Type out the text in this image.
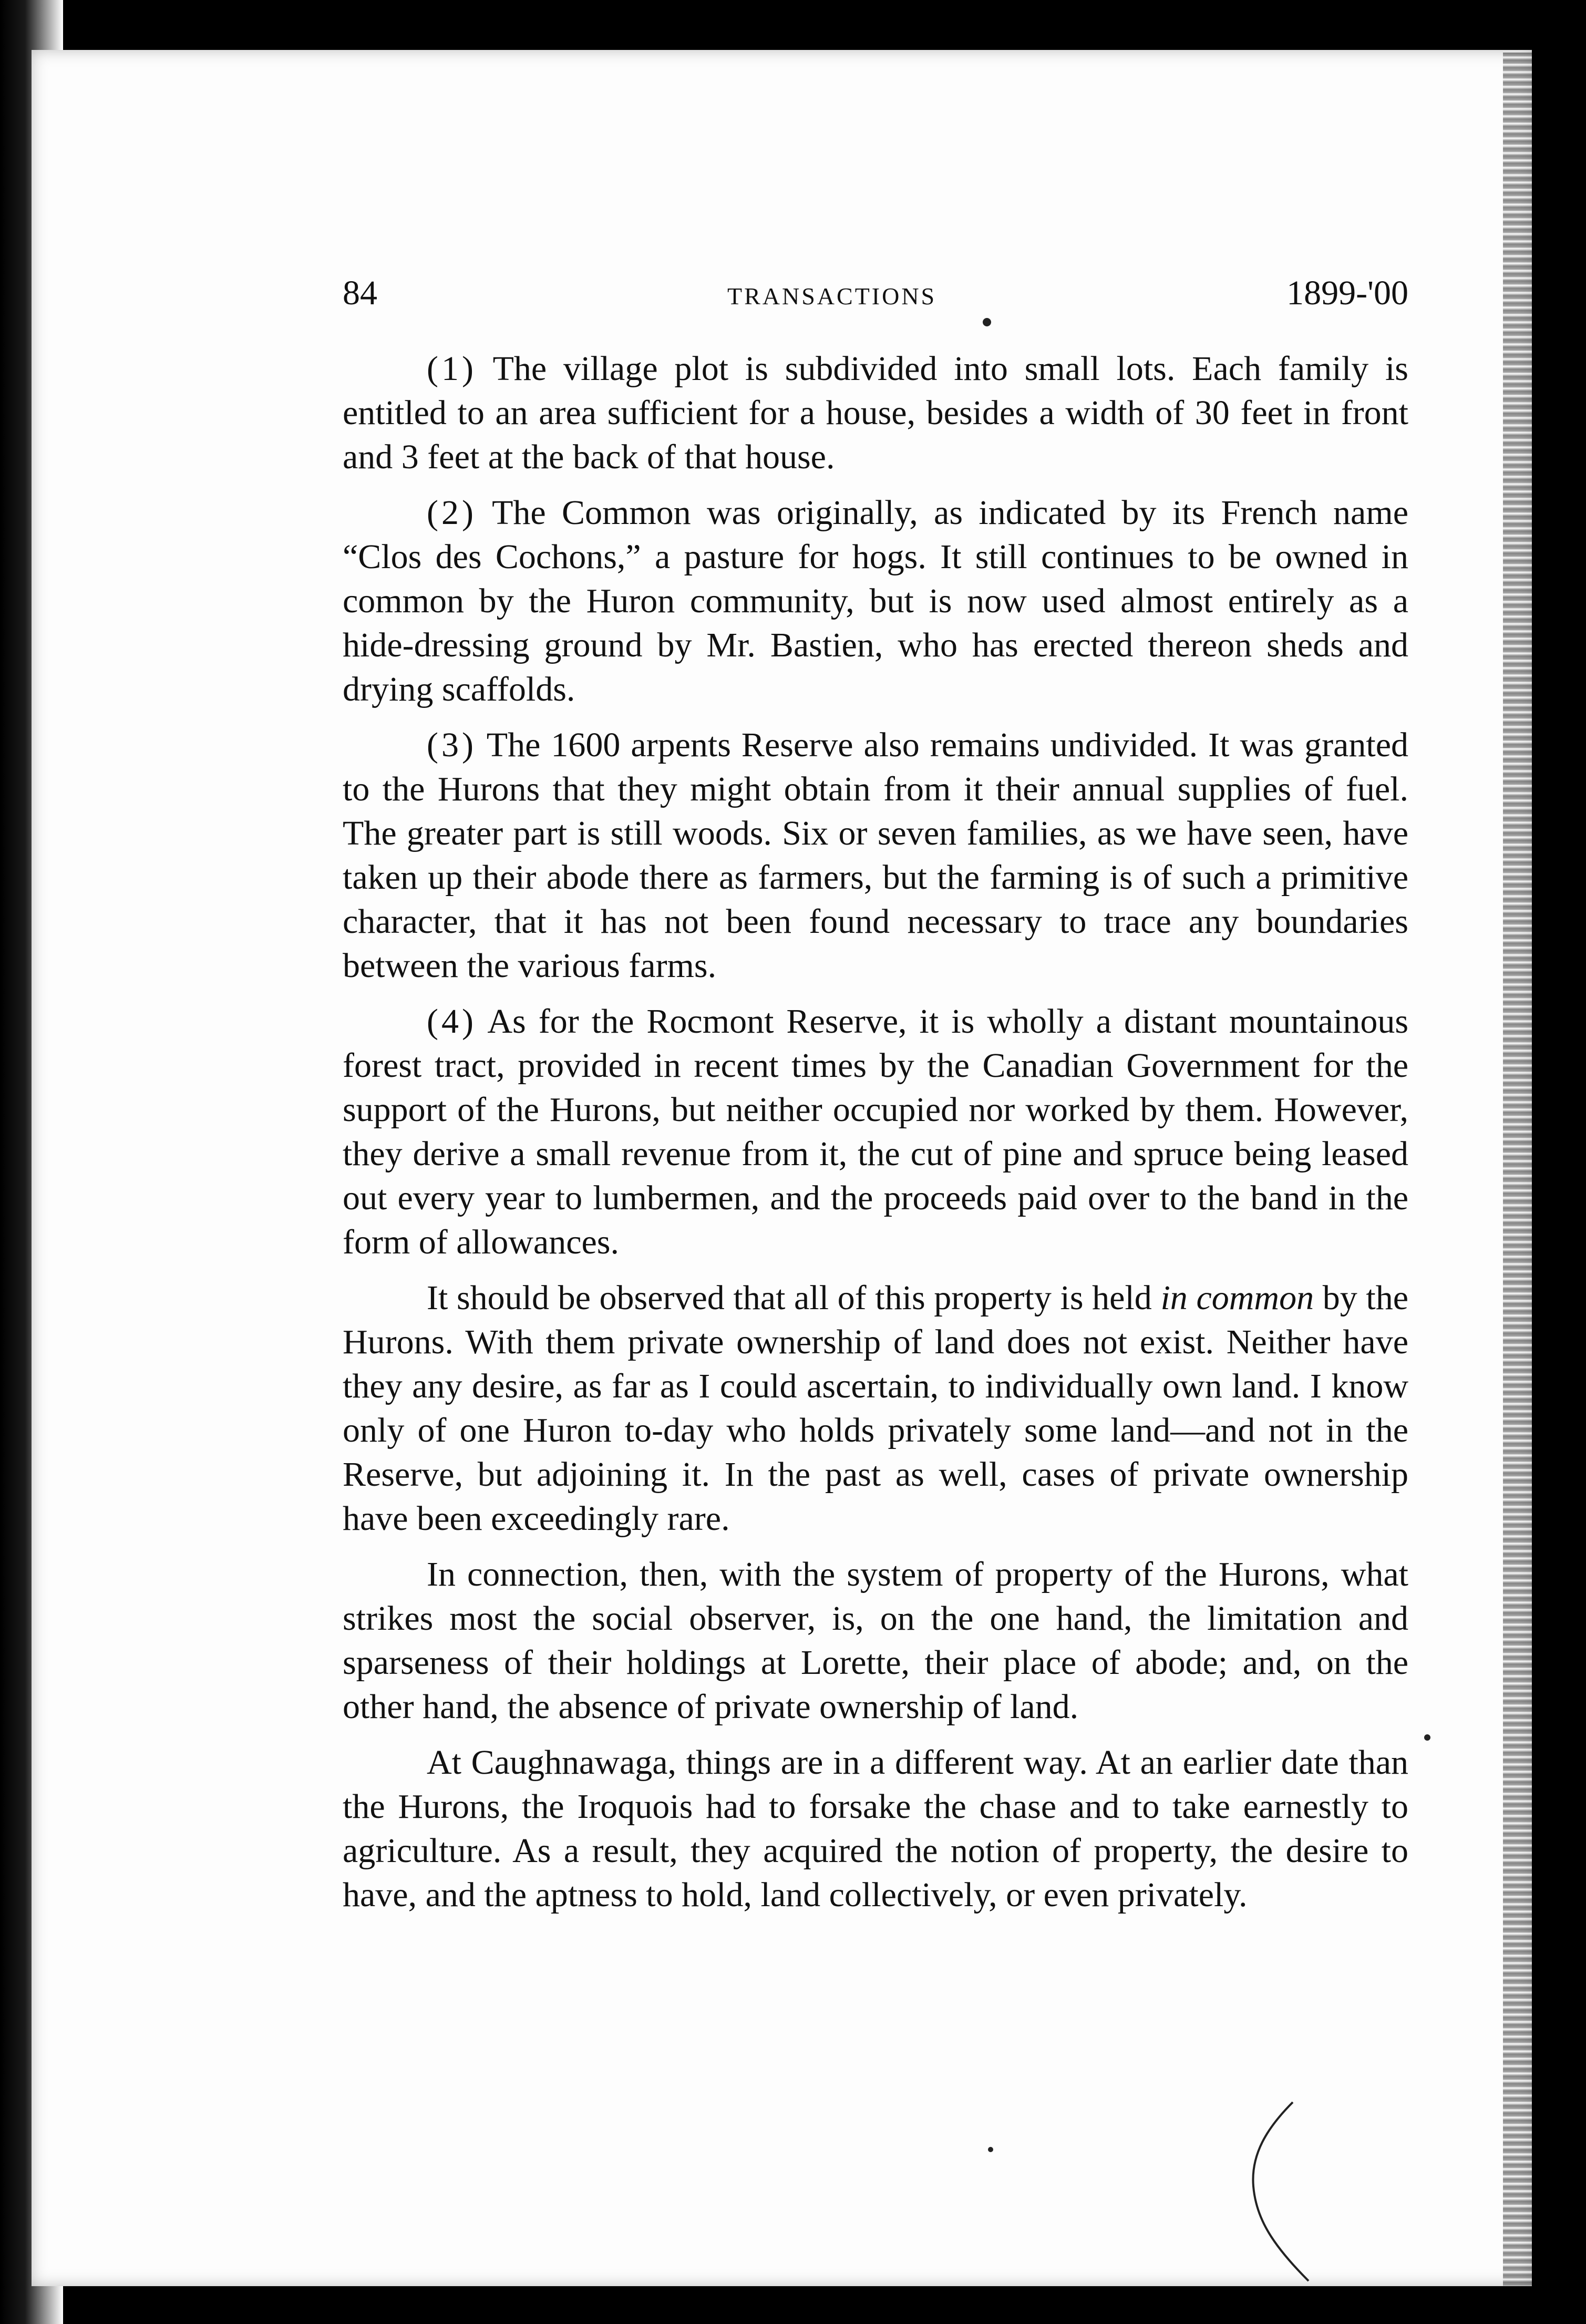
84	TRANSACTIONS	1899-'00

(1) The village plot is subdivided into small lots. Each family is entitled to an area sufficient for a house, besides a width of 30 feet in front and 3 feet at the back of that house.

(2) The Common was originally, as indicated by its French name “Clos des Cochons,” a pasture for hogs. It still continues to be owned in common by the Huron community, but is now used almost entirely as a hide-dressing ground by Mr. Bastien, who has erected thereon sheds and drying scaffolds.

(3) The 1600 arpents Reserve also remains undivided. It was granted to the Hurons that they might obtain from it their annual supplies of fuel. The greater part is still woods. Six or seven families, as we have seen, have taken up their abode there as farmers, but the farming is of such a primitive character, that it has not been found necessary to trace any boundaries between the various farms.

(4) As for the Rocmont Reserve, it is wholly a distant mountainous forest tract, provided in recent times by the Canadian Government for the support of the Hurons, but neither occupied nor worked by them. However, they derive a small revenue from it, the cut of pine and spruce being leased out every year to lumbermen, and the proceeds paid over to the band in the form of allowances.

It should be observed that all of this property is held in common by the Hurons. With them private ownership of land does not exist. Neither have they any desire, as far as I could ascertain, to individually own land. I know only of one Huron to-day who holds privately some land—and not in the Reserve, but adjoining it. In the past as well, cases of private ownership have been exceedingly rare.

In connection, then, with the system of property of the Hurons, what strikes most the social observer, is, on the one hand, the limitation and sparseness of their holdings at Lorette, their place of abode; and, on the other hand, the absence of private ownership of land.

At Caughnawaga, things are in a different way. At an earlier date than the Hurons, the Iroquois had to forsake the chase and to take earnestly to agriculture. As a result, they acquired the notion of property, the desire to have, and the aptness to hold, land collectively, or even privately.
